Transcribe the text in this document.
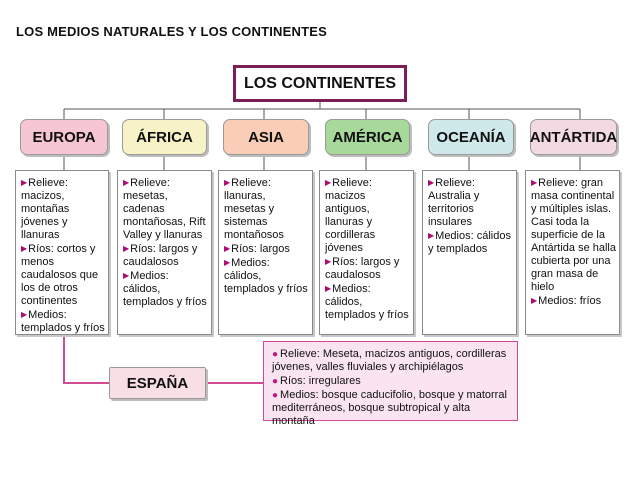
LOS MEDIOS NATURALES Y LOS CONTINENTES
LOS CONTINENTES
EUROPA	ÁFRICA	ASIA	AMÉRICA	OCEANÍA	ANTÁRTIDA

▶Relieve: macizos, montañas jóvenes y llanuras

▶Ríos: cortos y menos caudalosos que los de otros continentes

▶Medios: templados y fríos

▶Relieve: mesetas, cadenas montañosas, Rift Valley y llanuras

▶Ríos: largos y caudalosos

▶Medios: cálidos, templados y fríos

▶Relieve: llanuras, mesetas y sistemas montañosos

▶Ríos: largos

▶Medios: cálidos, templados y fríos

▶Relieve: macizos antiguos, llanuras y cordilleras jóvenes

▶Ríos: largos y caudalosos

▶Medios: cálidos, templados y fríos

▶Relieve: Australia y territorios insulares

▶Medios: cálidos y templados

▶Relieve: gran masa continental y múltiples islas. Casi toda la superficie de la Antártida se halla cubierta por una gran masa de hielo

▶Medios: fríos

ESPAÑA

● Relieve: Meseta, macizos antiguos, cordilleras jóvenes, valles fluviales y archipiélagos

● Ríos: irregulares

● Medios: bosque caducifolio, bosque y matorral mediterráneos, bosque subtropical y alta montaña
